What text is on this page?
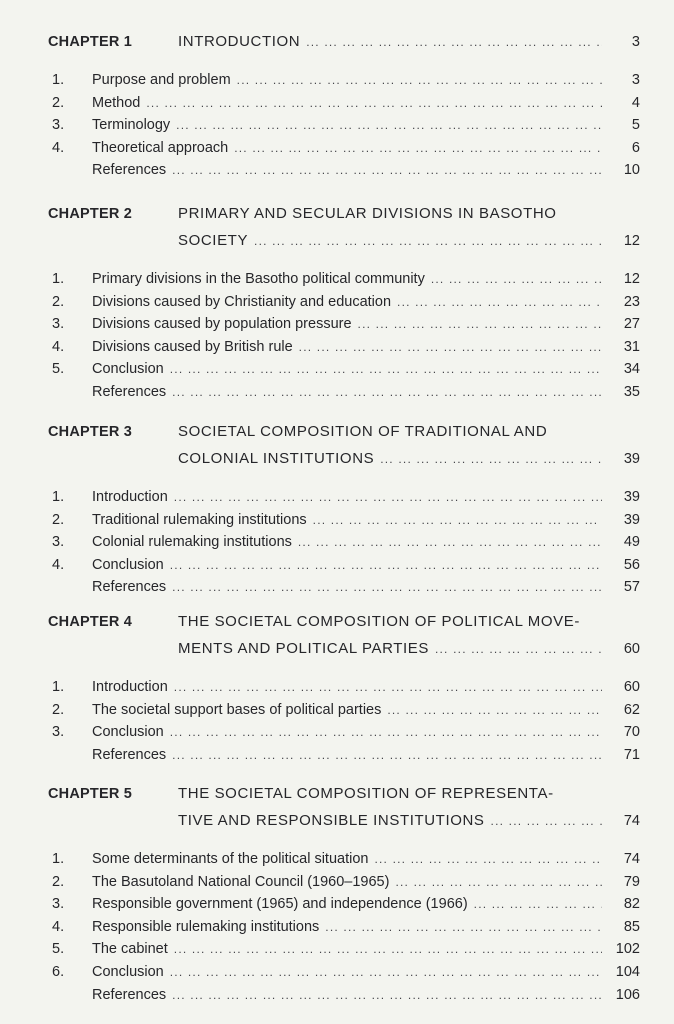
CHAPTER 1	INTRODUCTION ... .	3
1. Purpose and problem ... .	3
2. Method ... .	4
3. Terminology ... .	5
4. Theoretical approach ... .	6
References ... .	10
CHAPTER 2	PRIMARY AND SECULAR DIVISIONS IN BASOTHO
SOCIETY ... .	12
1. Primary divisions in the Basotho political community ... .	12
2. Divisions caused by Christianity and education ... .	23
3. Divisions caused by population pressure ... .	27
4. Divisions caused by British rule ... .	31
5. Conclusion ... .	34
References ... .	35
CHAPTER 3	SOCIETAL COMPOSITION OF TRADITIONAL AND
COLONIAL INSTITUTIONS ... .	39
1. Introduction ... .	39
2. Traditional rulemaking institutions ... .	39
3. Colonial rulemaking institutions ... .	49
4. Conclusion ... .	56
References ... .	57
CHAPTER 4	THE SOCIETAL COMPOSITION OF POLITICAL MOVE-
MENTS AND POLITICAL PARTIES ... .	60
1. Introduction ... .	60
2. The societal support bases of political parties ... .	62
3. Conclusion ... .	70
References ... .	71
CHAPTER 5	THE SOCIETAL COMPOSITION OF REPRESENTA-
TIVE AND RESPONSIBLE INSTITUTIONS ... .	74
1. Some determinants of the political situation ... .	74
2. The Basutoland National Council (1960–1965) ... .	79
3. Responsible government (1965) and independence (1966) ... .	82
4. Responsible rulemaking institutions ... .	85
5. The cabinet ... .	102
6. Conclusion ... .	104
References ... .	106
